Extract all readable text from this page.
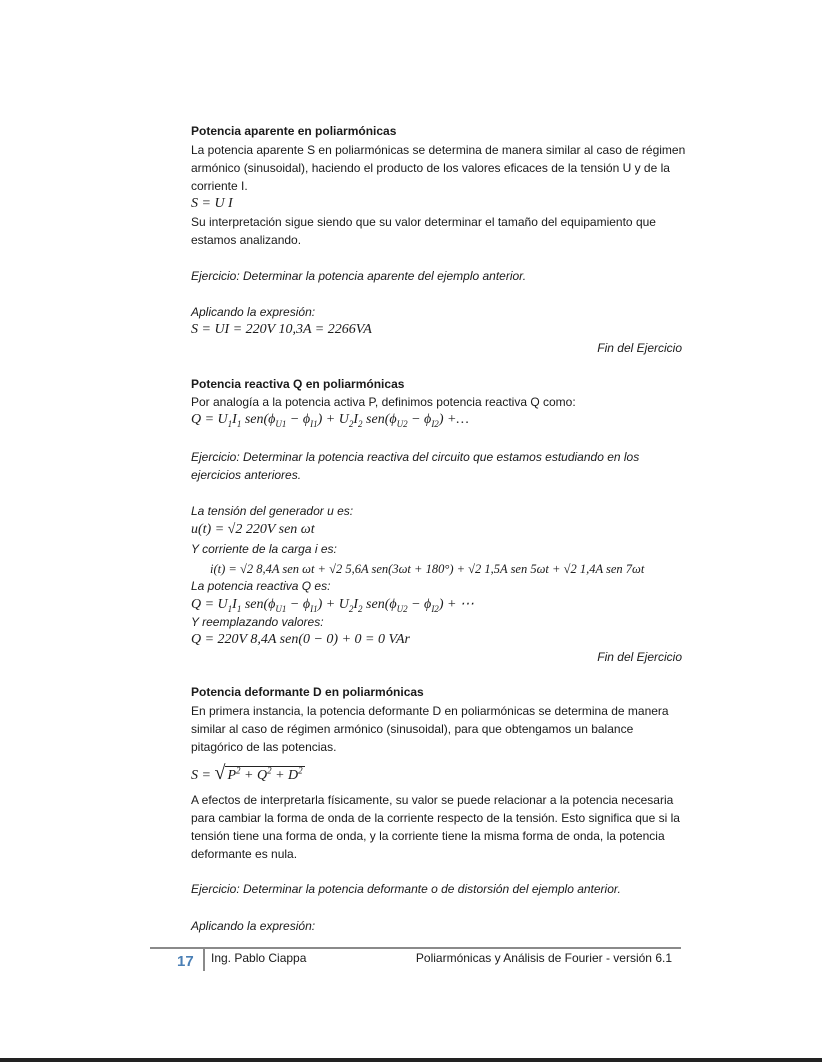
Potencia aparente en poliarmónicas
La potencia aparente S en poliarmónicas se determina de manera similar al caso de régimen
armónico (sinusoidal), haciendo el producto de los valores eficaces de la tensión U y de la
corriente I.
S = U I
Su interpretación sigue siendo que su valor determinar el tamaño del equipamiento que
estamos analizando.
Ejercicio: Determinar la potencia aparente del ejemplo anterior.
Aplicando la expresión:
S = UI = 220V 10,3A = 2266VA
Fin del Ejercicio
Potencia reactiva Q en poliarmónicas
Por analogía a la potencia activa P, definimos potencia reactiva Q como:
$Q = U_1I_1$ $sen(\phi_{U1} - \phi_{I1}) + U_2I_2$ $sen(\phi_{U2} - \phi_{I2})$ +…
Ejercicio: Determinar la potencia reactiva del circuito que estamos estudiando en los
ejercicios anteriores.
La tensión del generador u es:
u(t) = √2 220V sen ωt
Y corriente de la carga i es:
i(t) = √2 8,4A sen ωt + √2 5,6A sen(3ωt + 180°) + √2 1,5A sen 5ωt + √2 1,4A sen 7ωt
La potencia reactiva Q es:
$Q = U_1I_1$ $sen(\phi_{U1} - \phi_{I1}) + U_2I_2$ $sen(\phi_{U2} - \phi_{I2})$ + ⋯
Y reemplazando valores:
Q = 220V 8,4A sen(0 − 0) + 0 = 0 VAr
Fin del Ejercicio
Potencia deformante D en poliarmónicas
En primera instancia, la potencia deformante D en poliarmónicas se determina de manera
similar al caso de régimen armónico (sinusoidal), para que obtengamos un balance
pitagórico de las potencias.
S = √ $P^2 + Q^2 + D^2$
A efectos de interpretarla físicamente, su valor se puede relacionar a la potencia necesaria
para cambiar la forma de onda de la corriente respecto de la tensión. Esto significa que si la
tensión tiene una forma de onda, y la corriente tiene la misma forma de onda, la potencia
deformante es nula.
Ejercicio: Determinar la potencia deformante o de distorsión del ejemplo anterior.
Aplicando la expresión:
17 Ing. Pablo Ciappa	Poliarmónicas y Análisis de Fourier - versión 6.1
